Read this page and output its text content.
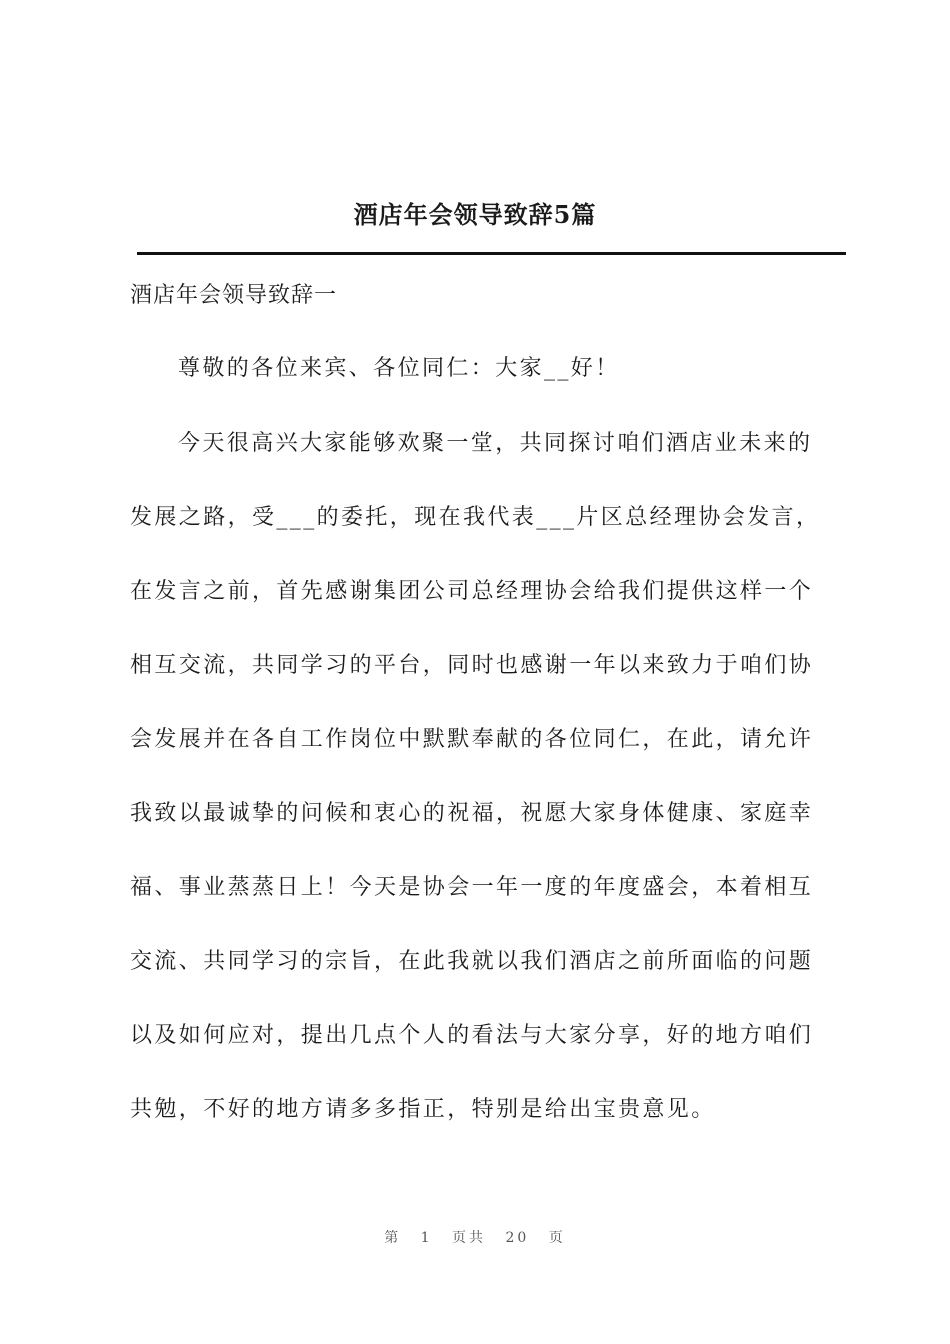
酒店年会领导致辞5篇
酒店年会领导致辞一
尊敬的各位来宾、各位同仁：大家__好！
今天很高兴大家能够欢聚一堂，共同探讨咱们酒店业未来的
发展之路，受___的委托，现在我代表___片区总经理协会发言，
在发言之前，首先感谢集团公司总经理协会给我们提供这样一个
相互交流，共同学习的平台，同时也感谢一年以来致力于咱们协
会发展并在各自工作岗位中默默奉献的各位同仁，在此，请允许
我致以最诚挚的问候和衷心的祝福，祝愿大家身体健康、家庭幸
福、事业蒸蒸日上！今天是协会一年一度的年度盛会，本着相互
交流、共同学习的宗旨，在此我就以我们酒店之前所面临的问题
以及如何应对，提出几点个人的看法与大家分享，好的地方咱们
共勉，不好的地方请多多指正，特别是给出宝贵意见。
第 1 页共 20 页
